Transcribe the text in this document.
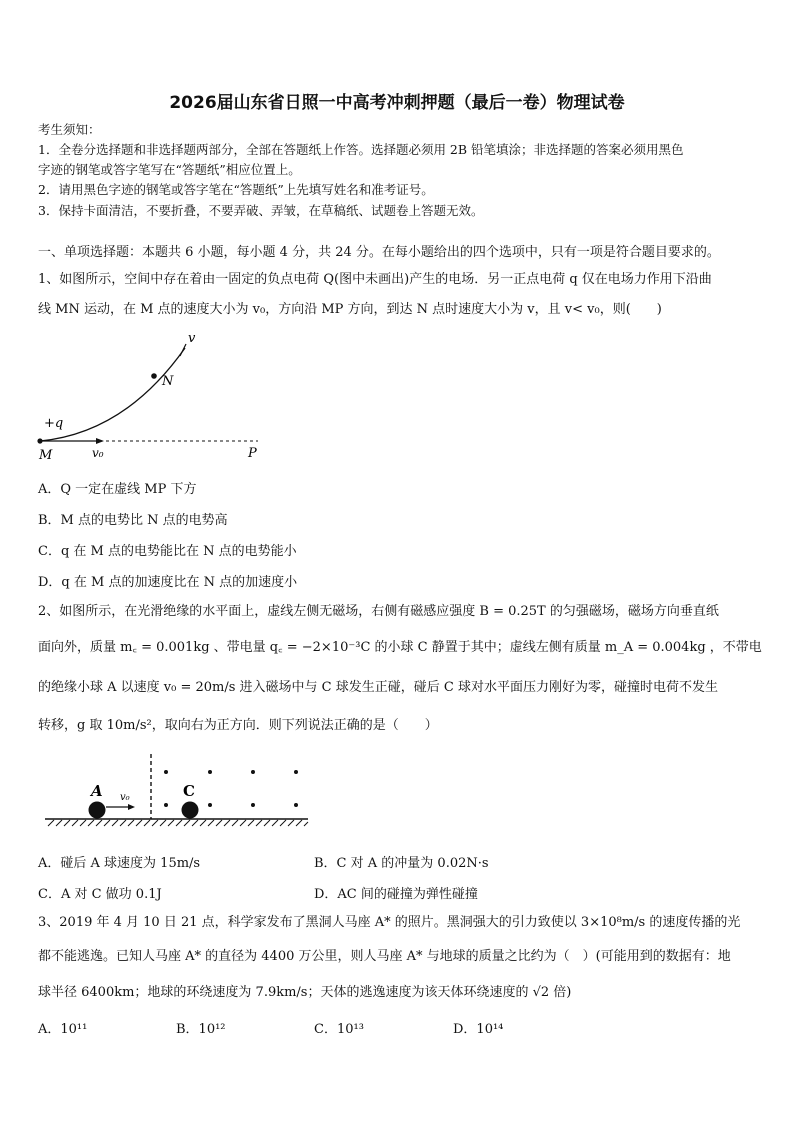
2026届山东省日照一中高考冲刺押题（最后一卷）物理试卷
考生须知：
1．全卷分选择题和非选择题两部分，全部在答题纸上作答。选择题必须用 2B 铅笔填涂；非选择题的答案必须用黑色
字迹的钢笔或答字笔写在“答题纸”相应位置上。
2．请用黑色字迹的钢笔或答字笔在“答题纸”上先填写姓名和准考证号。
3．保持卡面清洁，不要折叠，不要弄破、弄皱，在草稿纸、试题卷上答题无效。
一、单项选择题：本题共 6 小题，每小题 4 分，共 24 分。在每小题给出的四个选项中，只有一项是符合题目要求的。
1、如图所示，空间中存在着由一固定的负点电荷 Q(图中未画出)产生的电场．另一正点电荷 q 仅在电场力作用下沿曲
线 MN 运动，在 M 点的速度大小为 v₀，方向沿 MP 方向，到达 N 点时速度大小为 v，且 v< v₀，则(　　)
v
N
+q
M	v₀	P
A．Q 一定在虚线 MP 下方
B．M 点的电势比 N 点的电势高
C．q 在 M 点的电势能比在 N 点的电势能小
D．q 在 M 点的加速度比在 N 点的加速度小
2、如图所示，在光滑绝缘的水平面上，虚线左侧无磁场，右侧有磁感应强度 B = 0.25T 的匀强磁场，磁场方向垂直纸
面向外，质量 m꜀ = 0.001kg 、带电量 q꜀ = −2×10⁻³C 的小球 C 静置于其中；虚线左侧有质量 m_A = 0.004kg ，不带电
的绝缘小球 A 以速度 v₀ = 20m/s 进入磁场中与 C 球发生正碰，碰后 C 球对水平面压力刚好为零，碰撞时电荷不发生
转移，g 取 10m/s²，取向右为正方向．则下列说法正确的是（　　）
A	C
v₀
A．碰后 A 球速度为 15m/s	B．C 对 A 的冲量为 0.02N·s
C．A 对 C 做功 0.1J	D．AC 间的碰撞为弹性碰撞
3、2019 年 4 月 10 日 21 点，科学家发布了黑洞人马座 A* 的照片。黑洞强大的引力致使以 3×10⁸m/s 的速度传播的光
都不能逃逸。已知人马座 A* 的直径为 4400 万公里，则人马座 A* 与地球的质量之比约为（　）(可能用到的数据有：地
球半径 6400km；地球的环绕速度为 7.9km/s；天体的逃逸速度为该天体环绕速度的 √2 倍)
A．10¹¹	B．10¹²	C．10¹³	D．10¹⁴
